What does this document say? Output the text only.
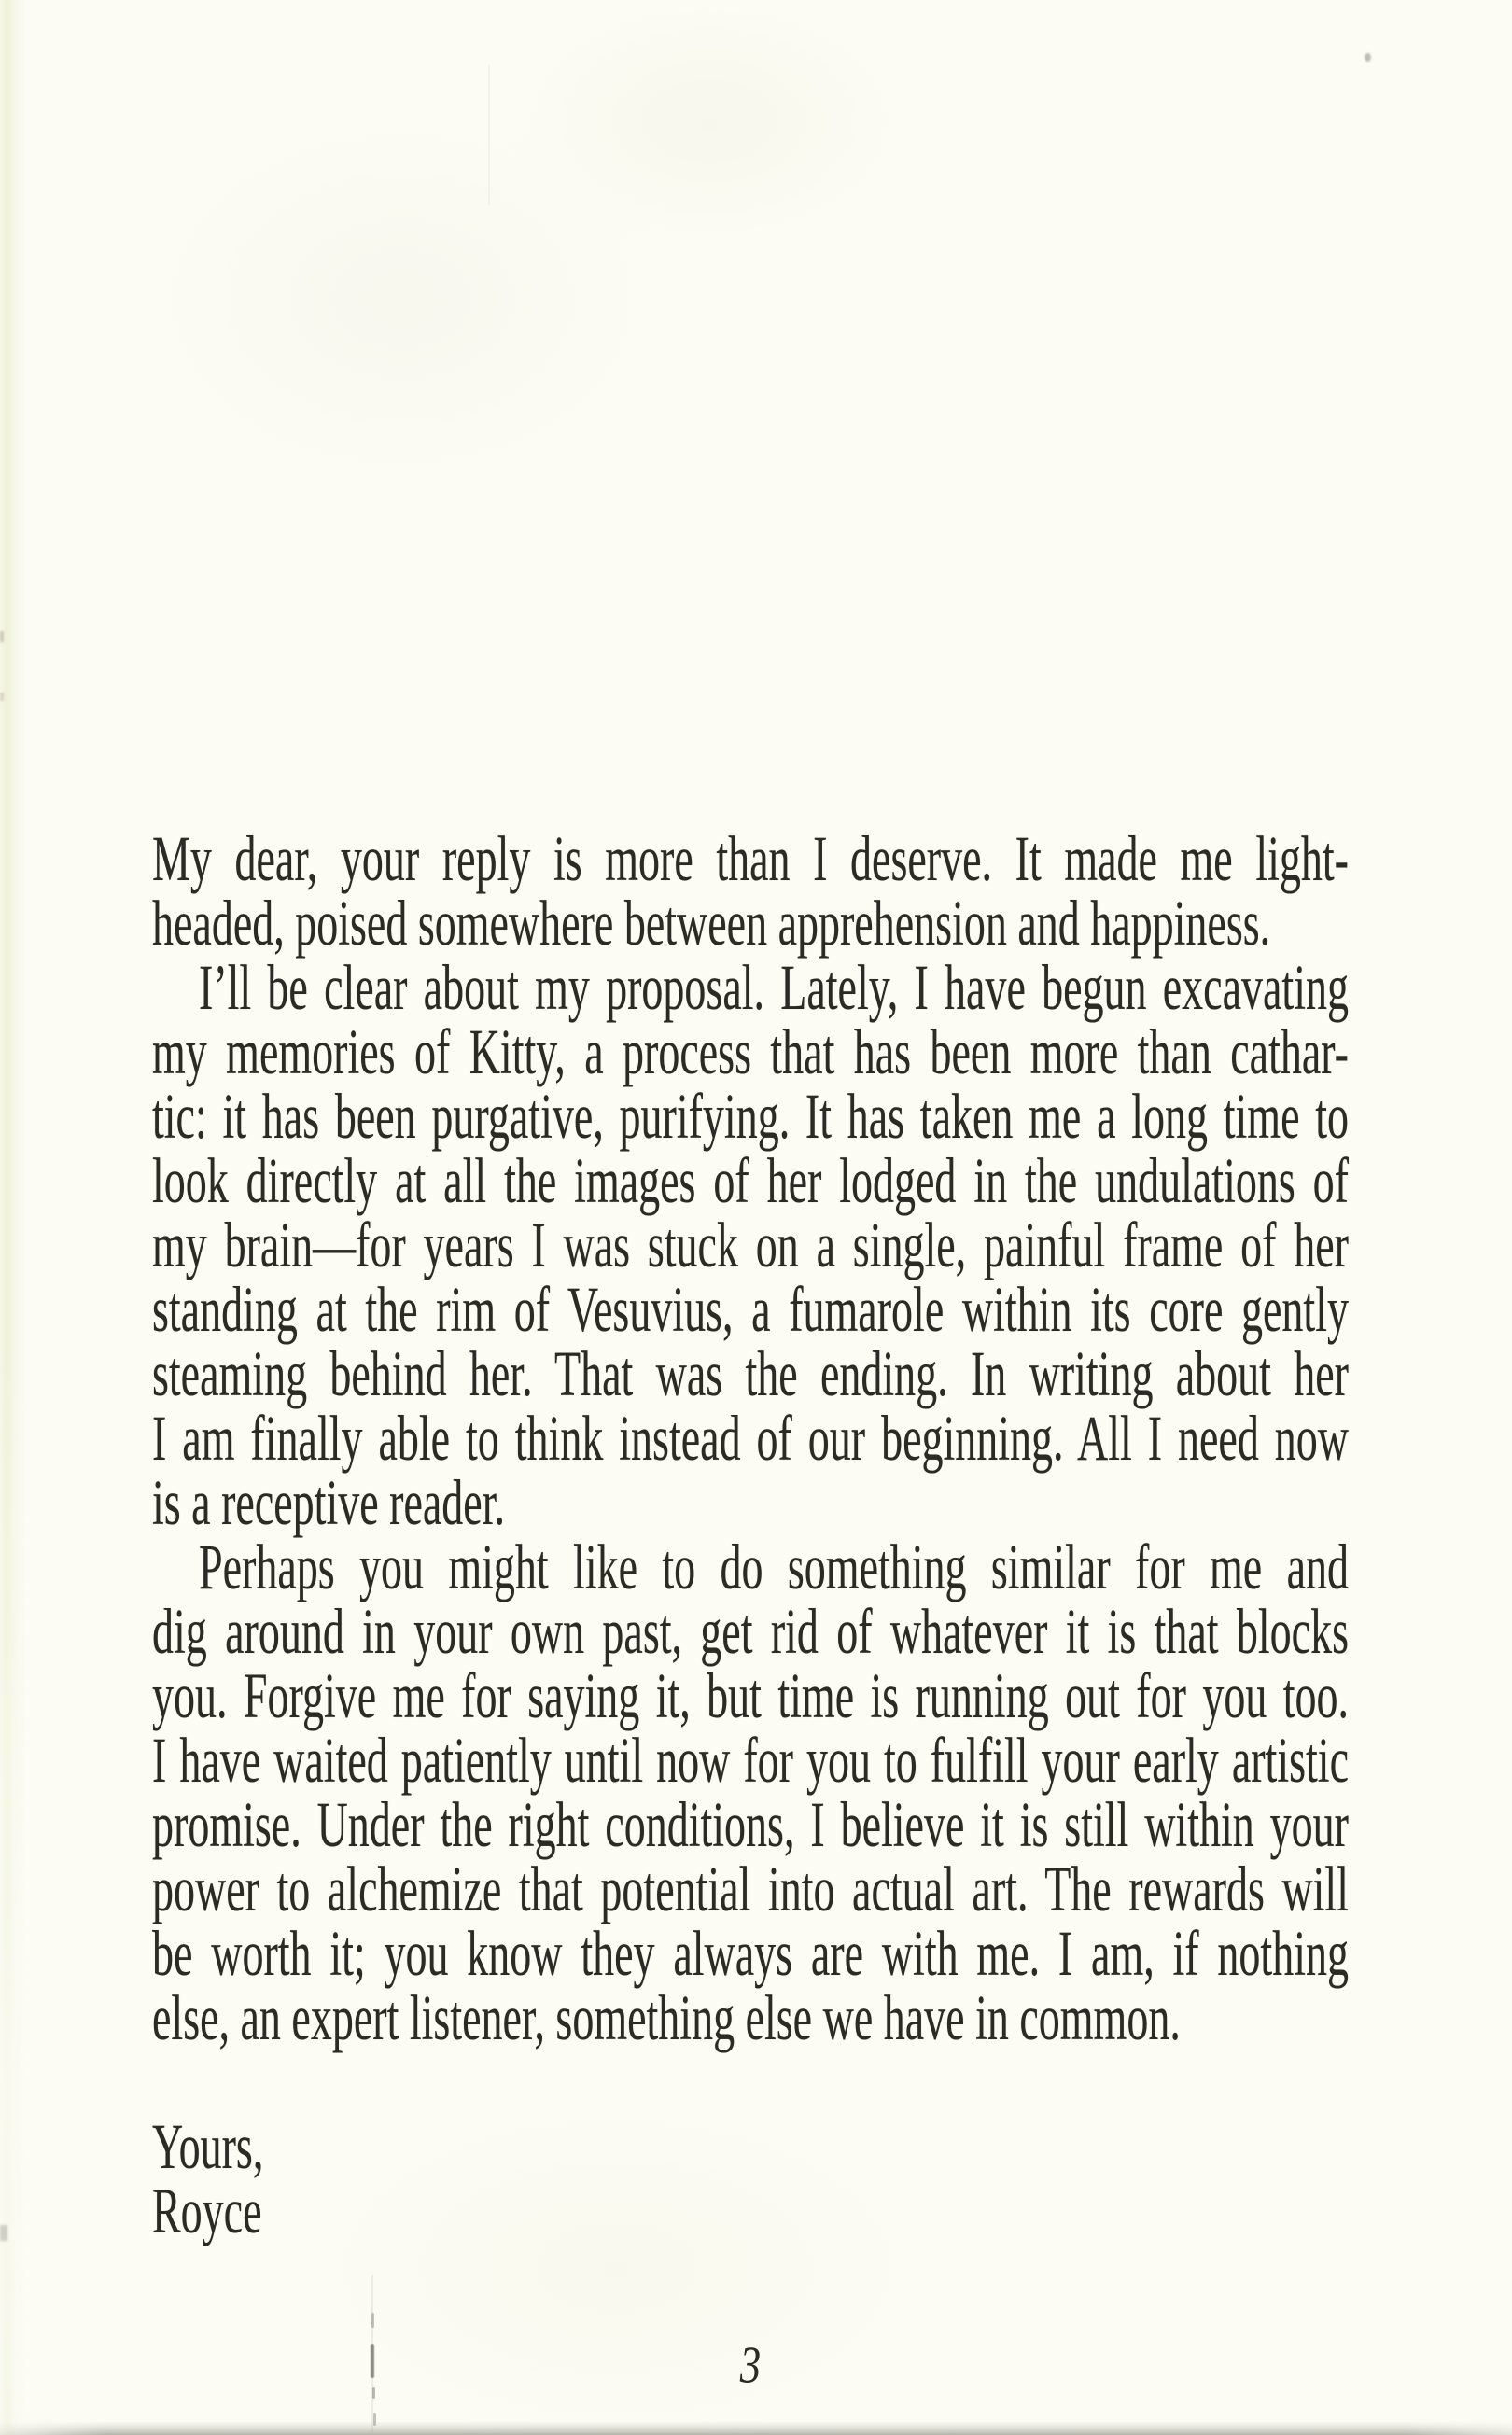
My dear, your reply is more than I deserve. It made me light-
headed, poised somewhere between apprehension and happiness.
I’ll be clear about my proposal. Lately, I have begun excavating
my memories of Kitty, a process that has been more than cathar-
tic: it has been purgative, purifying. It has taken me a long time to
look directly at all the images of her lodged in the undulations of
my brain—for years I was stuck on a single, painful frame of her
standing at the rim of Vesuvius, a fumarole within its core gently
steaming behind her. That was the ending. In writing about her
I am finally able to think instead of our beginning. All I need now
is a receptive reader.
Perhaps you might like to do something similar for me and
dig around in your own past, get rid of whatever it is that blocks
you. Forgive me for saying it, but time is running out for you too.
I have waited patiently until now for you to fulfill your early artistic
promise. Under the right conditions, I believe it is still within your
power to alchemize that potential into actual art. The rewards will
be worth it; you know they always are with me. I am, if nothing
else, an expert listener, something else we have in common.
Yours,
Royce
3
